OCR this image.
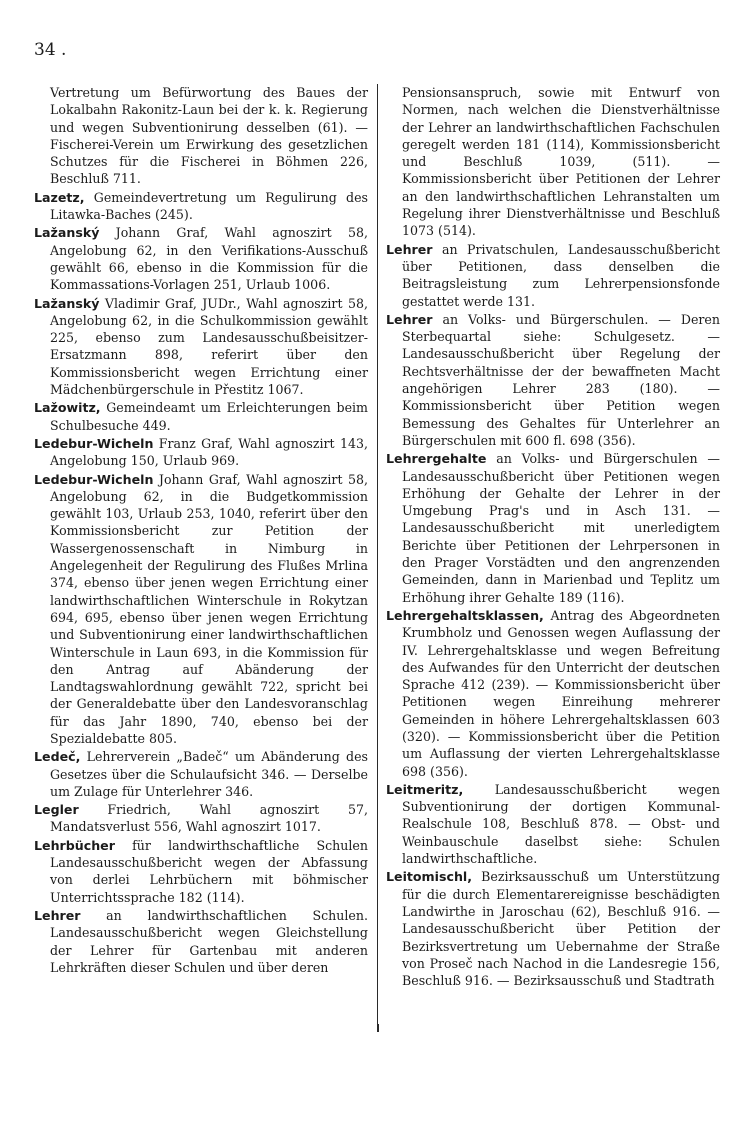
34 .

Vertretung um Befürwortung des Baues der Lokalbahn Rakonitz-Laun bei der k. k. Regierung und wegen Subventionirung desselben (61). — Fischerei-Verein um Erwirkung des gesetzlichen Schutzes für die Fischerei in Böhmen 226, Beschluß 711.

Lazetz, Gemeindevertretung um Regulirung des Litawka-Baches (245).

Lažanský Johann Graf, Wahl agnoszirt 58, Angelobung 62, in den Verifikations-Ausschuß gewählt 66, ebenso in die Kommission für die Kommassations-Vorlagen 251, Urlaub 1006.

Lažanský Vladimir Graf, JUDr., Wahl agnoszirt 58, Angelobung 62, in die Schulkommission gewählt 225, ebenso zum Landesausschußbeisitzer-Ersatzmann 898, referirt über den Kommissionsbericht wegen Errichtung einer Mädchenbürgerschule in Přestitz 1067.

Lažowitz, Gemeindeamt um Erleichterungen beim Schulbesuche 449.

Ledebur-Wicheln Franz Graf, Wahl agnoszirt 143, Angelobung 150, Urlaub 969.

Ledebur-Wicheln Johann Graf, Wahl agnoszirt 58, Angelobung 62, in die Budgetkommission gewählt 103, Urlaub 253, 1040, referirt über den Kommissionsbericht zur Petition der Wassergenossenschaft in Nimburg in Angelegenheit der Regulirung des Flußes Mrlina 374, ebenso über jenen wegen Errichtung einer landwirthschaftlichen Winterschule in Rokytzan 694, 695, ebenso über jenen wegen Errichtung und Subventionirung einer landwirthschaftlichen Winterschule in Laun 693, in die Kommission für den Antrag auf Abänderung der Landtagswahlordnung gewählt 722, spricht bei der Generaldebatte über den Landesvoranschlag für das Jahr 1890, 740, ebenso bei der Spezialdebatte 805.

Ledeč, Lehrerverein „Badeč“ um Abänderung des Gesetzes über die Schulaufsicht 346. — Derselbe um Zulage für Unterlehrer 346.

Legler Friedrich, Wahl agnoszirt 57, Mandatsverlust 556, Wahl agnoszirt 1017.

Lehrbücher für landwirthschaftliche Schulen Landesausschußbericht wegen der Abfassung von derlei Lehrbüchern mit böhmischer Unterrichtssprache 182 (114).

Lehrer an landwirthschaftlichen Schulen. Landesausschußbericht wegen Gleichstellung der Lehrer für Gartenbau mit anderen Lehrkräften dieser Schulen und über deren

Pensionsanspruch, sowie mit Entwurf von Normen, nach welchen die Dienstverhältnisse der Lehrer an landwirthschaftlichen Fachschulen geregelt werden 181 (114), Kommissionsbericht und Beschluß 1039, (511). — Kommissionsbericht über Petitionen der Lehrer an den landwirthschaftlichen Lehranstalten um Regelung ihrer Dienstverhältnisse und Beschluß 1073 (514).

Lehrer an Privatschulen, Landesausschußbericht über Petitionen, dass denselben die Beitragsleistung zum Lehrerpensionsfonde gestattet werde 131.

Lehrer an Volks- und Bürgerschulen. — Deren Sterbequartal siehe: Schulgesetz. — Landesausschußbericht über Regelung der Rechtsverhältnisse der der bewaffneten Macht angehörigen Lehrer 283 (180). — Kommissionsbericht über Petition wegen Bemessung des Gehaltes für Unterlehrer an Bürgerschulen mit 600 fl. 698 (356).

Lehrergehalte an Volks- und Bürgerschulen — Landesausschußbericht über Petitionen wegen Erhöhung der Gehalte der Lehrer in der Umgebung Prag's und in Asch 131. — Landesausschußbericht mit unerledigtem Berichte über Petitionen der Lehrpersonen in den Prager Vorstädten und den angrenzenden Gemeinden, dann in Marienbad und Teplitz um Erhöhung ihrer Gehalte 189 (116).

Lehrergehaltsklassen, Antrag des Abgeordneten Krumbholz und Genossen wegen Auflassung der IV. Lehrergehaltsklasse und wegen Befreitung des Aufwandes für den Unterricht der deutschen Sprache 412 (239). — Kommissionsbericht über Petitionen wegen Einreihung mehrerer Gemeinden in höhere Lehrergehaltsklassen 603 (320). — Kommissionsbericht über die Petition um Auflassung der vierten Lehrergehaltsklasse 698 (356).

Leitmeritz, Landesausschußbericht wegen Subventionirung der dortigen Kommunal-Realschule 108, Beschluß 878. — Obst- und Weinbauschule daselbst siehe: Schulen landwirthschaftliche.

Leitomischl, Bezirksausschuß um Unterstützung für die durch Elementarereignisse beschädigten Landwirthe in Jaroschau (62), Beschluß 916. — Landesausschußbericht über Petition der Bezirksvertretung um Uebernahme der Straße von Proseč nach Nachod in die Landesregie 156, Beschluß 916. — Bezirksausschuß und Stadtrath
